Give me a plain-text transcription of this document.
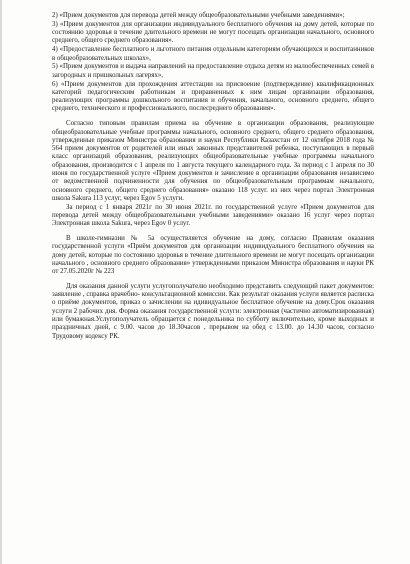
2) «Прием документов для перевода детей между общеобразовательными учебными заведениями»;

3) «Прием документов для организации индивидуального бесплатного обучения на дому детей, которые по состоянию здоровья в течение длительного времени не могут посещать организации начального, основного среднего, общего среднего образования».

4) «Предоставление бесплатного и льготного питания отдельным категориям обучающихся и воспитанников в общеобразовательных школах»,

5) «Прием документов и выдача направлений на предоставление отдыха детям из малообеспеченных семей в загородных и пришкольных лагерях»,

6) «Прием документов для прохождения аттестации на присвоение (подтверждение) квалификационных категорий педагогическим работникам и приравненных к ним лицам организации образования, реализующих программы дошкольного воспитания и обучения, начального, основного среднего, общего среднего, технического и профессионального, послесреднего образования».

Согласно типовым правилам приема на обучение в организации образования, реализующие общеобразовательные учебные программы начального, основного среднего, общего среднего образования, утвержденные приказом Министра образования и науки Республики Казахстан от 12 октября 2018 года № 564 прием документов от родителей или иных законных представителей ребенка, поступающих в первый класс организаций образования, реализующих общеобразовательные учебные программы начального образования, производится с 1 апреля по 1 августа текущего календарного года. За период с 1 апреля по 30 июня по государственной услуге «Прием документов и зачисление в организации образования независимо от ведомственной подчиненности для обучения по общеобразовательным программам начального, основного среднего, общего среднего образования» оказано 118 услуг. из них через портал Электронная школа Sakura 113 услуг, через Egov 5 услуги.

За период с 1 января 2021г по 30 июня 2021г. по государственной услуге «Прием документов для перевода детей между общеобразовательными учебными заведениями» оказано 16 услуг через портал Электронная школа Sakura, через Egov 0 услуг.

В школе-гимназии № 5а осуществляется обучение на дому, согласно Правилам оказания государственной услуги «Приём документов для организации индивидуального бесплатного обучения на дому детей, которые по состоянию здоровья в течение длительного времени не могут посещать организации начального , основного среднего образования» утвержденными приказом Министра образования и науки РК от 27.05.2020г № 223

Для оказания данной услуги услугополучателю необходимо представить следующий пакет документов: заявление , справка врачебно- консультационной комиссии. Как результат оказания услуги является расписка о приёме документов, приказ о зачислении на идивидуальное бесплатное обучение на дому.Срок оказания услуги 2 рабочих дня. Форма оказания государственной услуги: электронная (частично автоматизированная) или бумажная.Услугополучатель обращается с понедельника по субботу включительно, кроме выходных и праздничных дней, с 9.00. часов до 18.30часов , прерывом на обед с 13.00. до 14.30 часов, согласно Трудовому кодексу РК.
